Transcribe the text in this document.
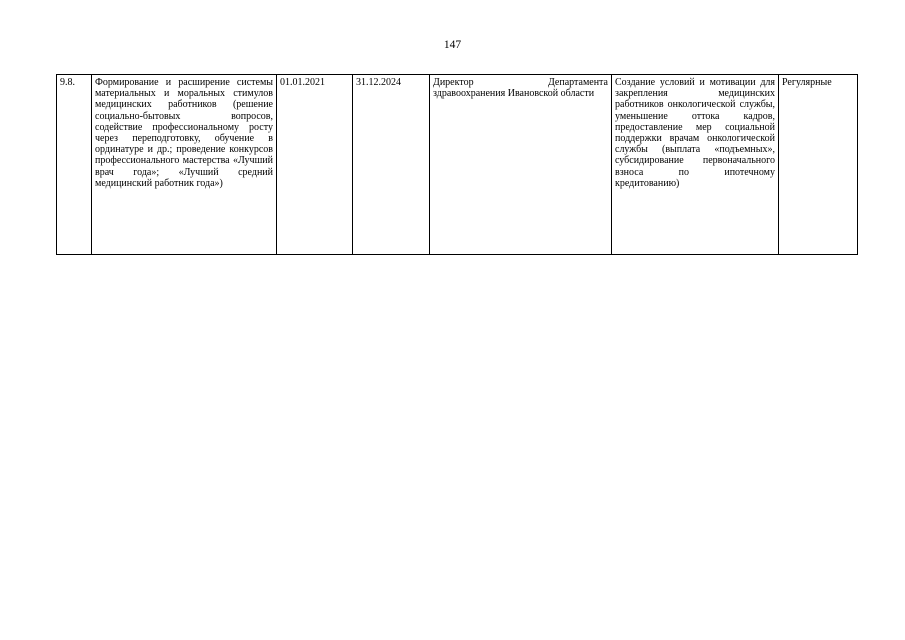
147
9.8.	Формирование и расширение системы материальных и моральных стимулов медицинских работников (решение социально-бытовых вопросов, содействие профессиональному росту через переподготовку, обучение в ординатуре и др.; проведение конкурсов профессионального мастерства «Лучший врач года»; «Лучший средний медицинский работник года»)	01.01.2021	31.12.2024	Директор Департамента здравоохранения Ивановской области	Создание условий и мотивации для закрепления медицинских работников онкологической службы, уменьшение оттока кадров, предоставление мер социальной поддержки врачам онкологической службы (выплата «подъемных», субсидирование первоначального взноса по ипотечному кредитованию)	Регулярные
